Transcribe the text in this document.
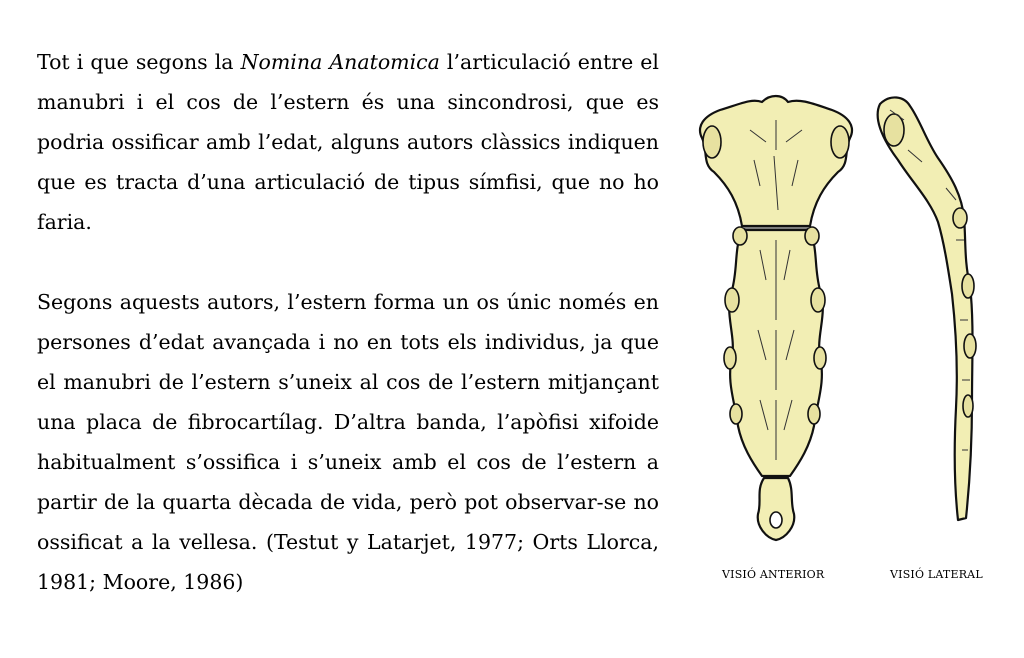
Tot i que segons la Nomina Anatomica l’articulació entre el manubri i el cos de l’estern és una sincondrosi, que es podria ossificar amb l’edat, alguns autors clàssics indiquen que es tracta d’una articulació de tipus símfisi, que no ho faria.

Segons aquests autors, l’estern forma un os únic només en persones d’edat avançada i no en tots els individus, ja que el manubri de l’estern s’uneix al cos de l’estern mitjançant una placa de fibrocartílag. D’altra banda, l’apòfisi xifoide habitualment s’ossifica i s’uneix amb el cos de l’estern a partir de la quarta dècada de vida, però pot observar-se no ossificat a la vellesa. (Testut y Latarjet, 1977; Orts Llorca, 1981; Moore, 1986)	VISIÓ ANTERIOR	VISIÓ LATERAL
